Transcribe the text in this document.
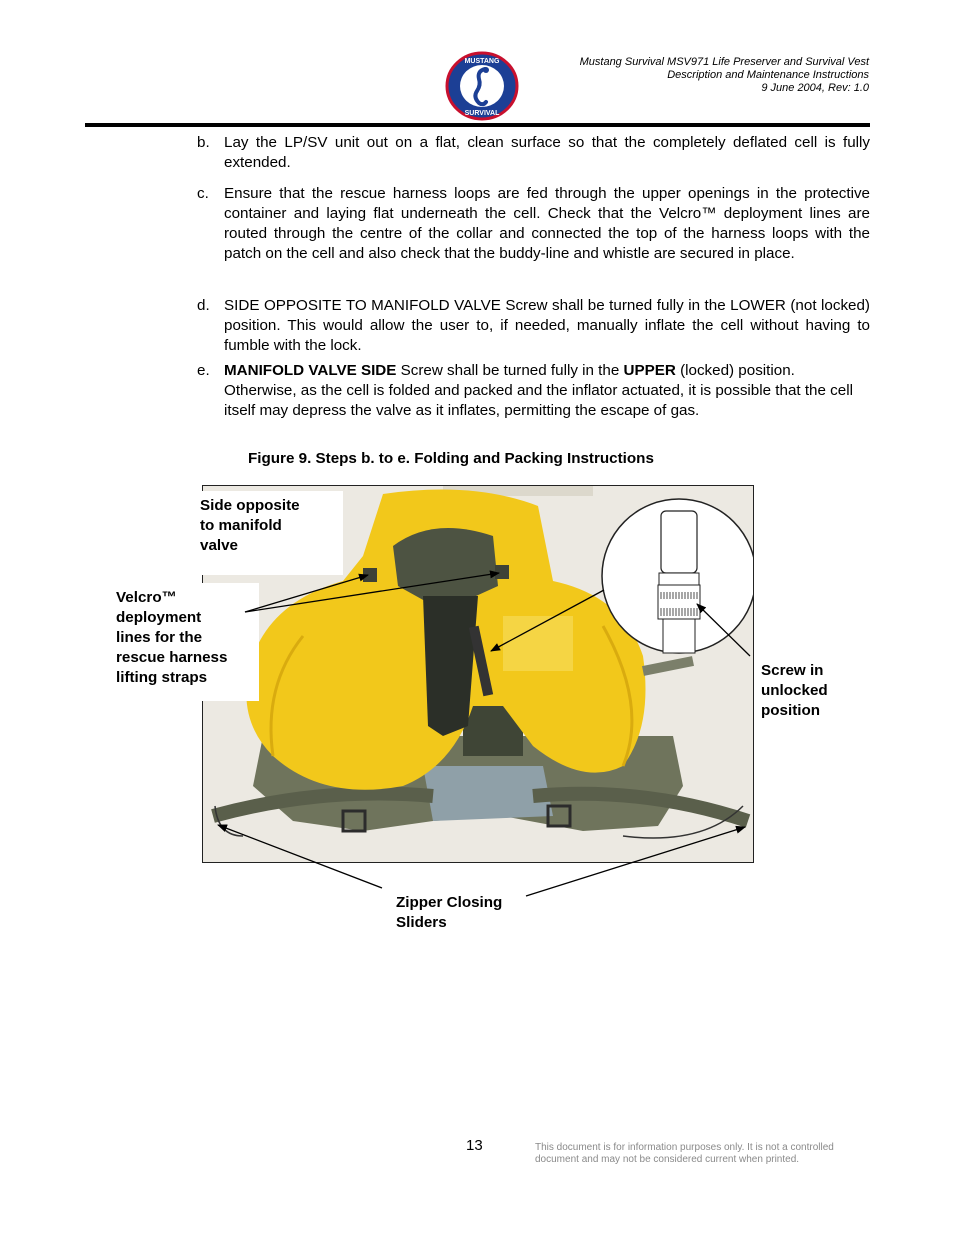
MUSTANG
SURVIVAL
Mustang Survival MSV971 Life Preserver and Survival Vest
Description and Maintenance Instructions
9 June 2004, Rev: 1.0
b. Lay the LP/SV unit out on a flat, clean surface so that the completely deflated cell is fully extended.
c. Ensure that the rescue harness loops are fed through the upper openings in the protective container and laying flat underneath the cell. Check that the Velcro™ deployment lines are routed through the centre of the collar and connected the top of the harness loops with the patch on the cell and also check that the buddy-line and whistle are secured in place.
d. SIDE OPPOSITE TO MANIFOLD VALVE Screw shall be turned fully in the LOWER (not locked) position. This would allow the user to, if needed, manually inflate the cell without having to fumble with the lock.
e. MANIFOLD VALVE SIDE Screw shall be turned fully in the UPPER (locked) position. Otherwise, as the cell is folded and packed and the inflator actuated, it is possible that the cell itself may depress the valve as it inflates, permitting the escape of gas.
Figure 9. Steps b. to e. Folding and Packing Instructions
Side opposite
to manifold
valve
Velcro™
deployment
lines for the
rescue harness
lifting straps	Screw in
unlocked
position
Zipper Closing
Sliders
13	This document is for information purposes only. It is not a controlled
document and may not be considered current when printed.
